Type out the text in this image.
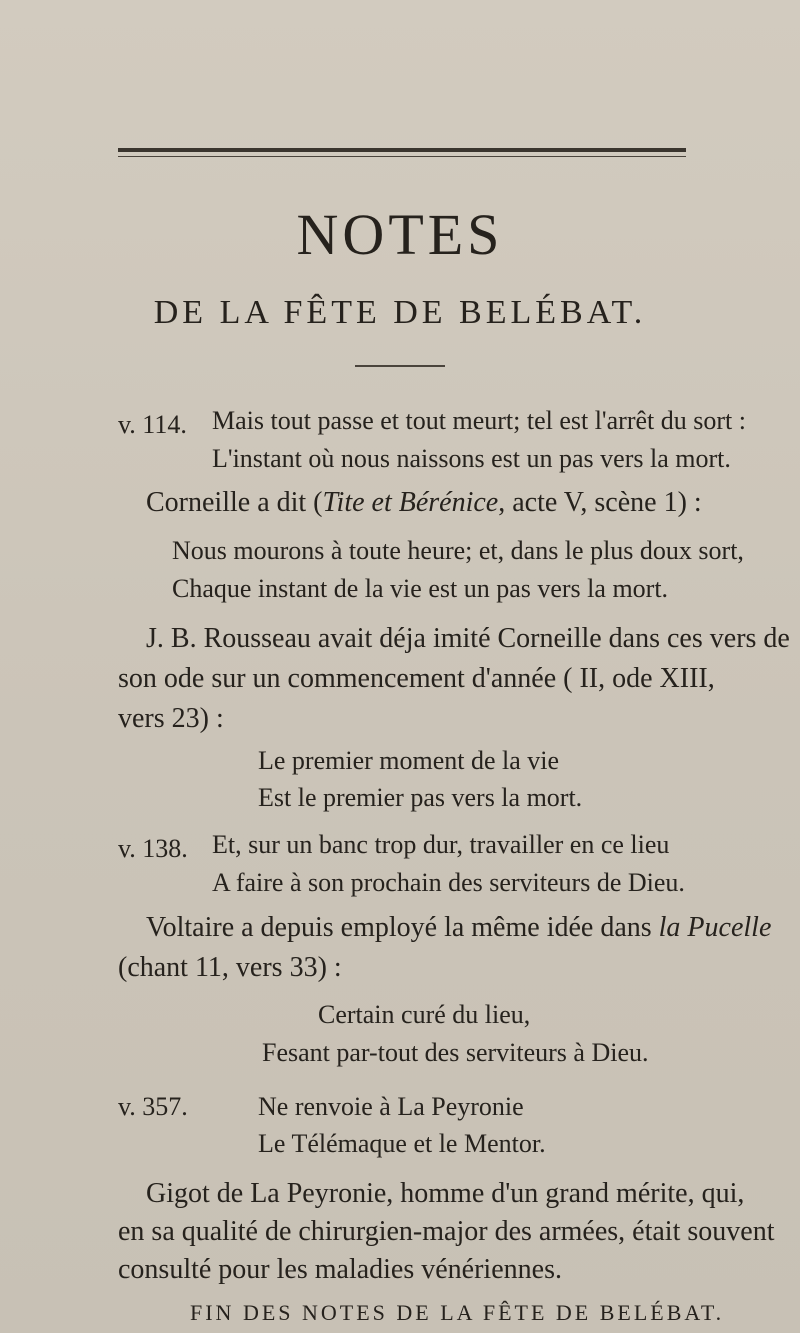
NOTES
DE LA FÊTE DE BELÉBAT.
v. 114. Mais tout passe et tout meurt; tel est l'arrêt du sort :
L'instant où nous naissons est un pas vers la mort.
Corneille a dit (Tite et Bérénice, acte V, scène 1) :
Nous mourons à toute heure; et, dans le plus doux sort,
Chaque instant de la vie est un pas vers la mort.
J. B. Rousseau avait déja imité Corneille dans ces vers de
son ode sur un commencement d'année ( II, ode XIII,
vers 23) :
Le premier moment de la vie
Est le premier pas vers la mort.
v. 138. Et, sur un banc trop dur, travailler en ce lieu
A faire à son prochain des serviteurs de Dieu.
Voltaire a depuis employé la même idée dans la Pucelle
(chant 11, vers 33) :
Certain curé du lieu,
Fesant par-tout des serviteurs à Dieu.
v. 357.	Ne renvoie à La Peyronie
Le Télémaque et le Mentor.
Gigot de La Peyronie, homme d'un grand mérite, qui,
en sa qualité de chirurgien-major des armées, était souvent
consulté pour les maladies vénériennes.
FIN DES NOTES DE LA FÊTE DE BELÉBAT.
